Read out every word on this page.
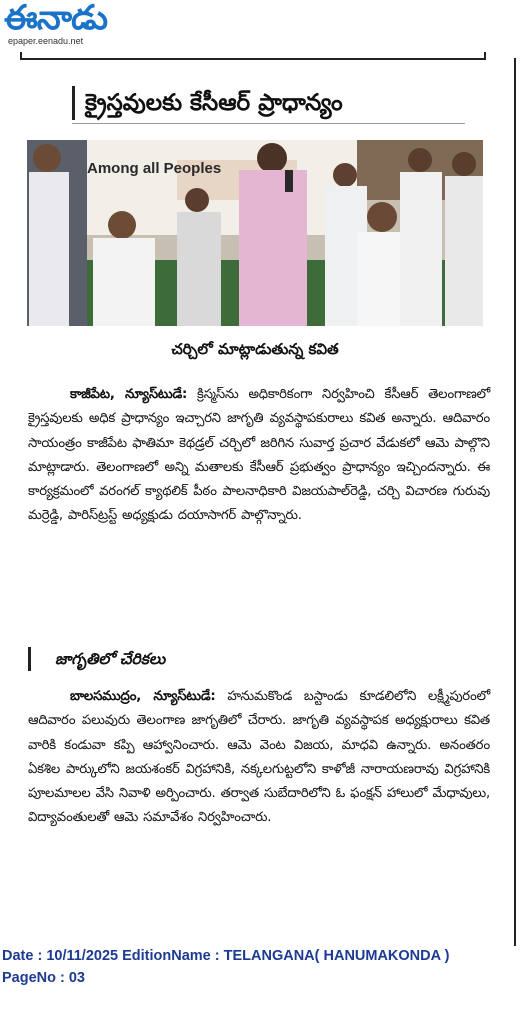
ఈనాడు
epaper.eenadu.net
క్రైస్తవులకు కేసీఆర్‌ ప్రాధాన్యం
Among all Peoples
చర్చిలో మాట్లాడుతున్న కవిత
కాజీపేట, న్యూస్‌టుడే: క్రిస్మస్‌ను అధికారికంగా నిర్వహించి కేసీఆర్‌ తెలంగాణలో క్రైస్తవులకు అధిక ప్రాధాన్యం ఇచ్చారని జాగృతి వ్యవస్థాపకురాలు కవిత అన్నారు. ఆదివారం సాయంత్రం కాజీపేట ఫాతిమా కెథడ్రల్‌ చర్చిలో జరిగిన సువార్త ప్రచార వేడుకలో ఆమె పాల్గొని మాట్లాడారు. తెలంగాణలో అన్ని మతాలకు కేసీఆర్‌ ప్రభుత్వం ప్రాధాన్యం ఇచ్చిందన్నారు. ఈ కార్యక్రమంలో వరంగల్‌ క్యాథలిక్‌ పీఠం పాలనాధికారి విజయపాల్‌రెడ్డి, చర్చి విచారణ గురువు మర్రెడ్డి, పారిస్‌ట్రస్ట్‌ అధ్యక్షుడు దయాసాగర్‌ పాల్గొన్నారు.
జాగృతిలో చేరికలు
బాలసముద్రం, న్యూస్‌టుడే: హనుమకొండ బస్టాండు కూడలిలోని లక్ష్మీపురంలో ఆదివారం పలువురు తెలంగాణ జాగృతిలో చేరారు. జాగృతి వ్యవస్థాపక అధ్యక్షురాలు కవిత వారికి కండువా కప్పి ఆహ్వానించారు. ఆమె వెంట విజయ, మాధవి ఉన్నారు. అనంతరం ఏకశిల పార్కులోని జయశంకర్‌ విగ్రహానికి, నక్కలగుట్టలోని కాళోజీ నారాయణరావు విగ్రహానికి పూలమాలల వేసి నివాళి అర్పించారు. తర్వాత సుబేదారిలోని ఓ ఫంక్షన్‌ హాలులో మేధావులు, విద్యావంతులతో ఆమె సమావేశం నిర్వహించారు.
Date : 10/11/2025 EditionName : TELANGANA( HANUMAKONDA )
PageNo : 03
